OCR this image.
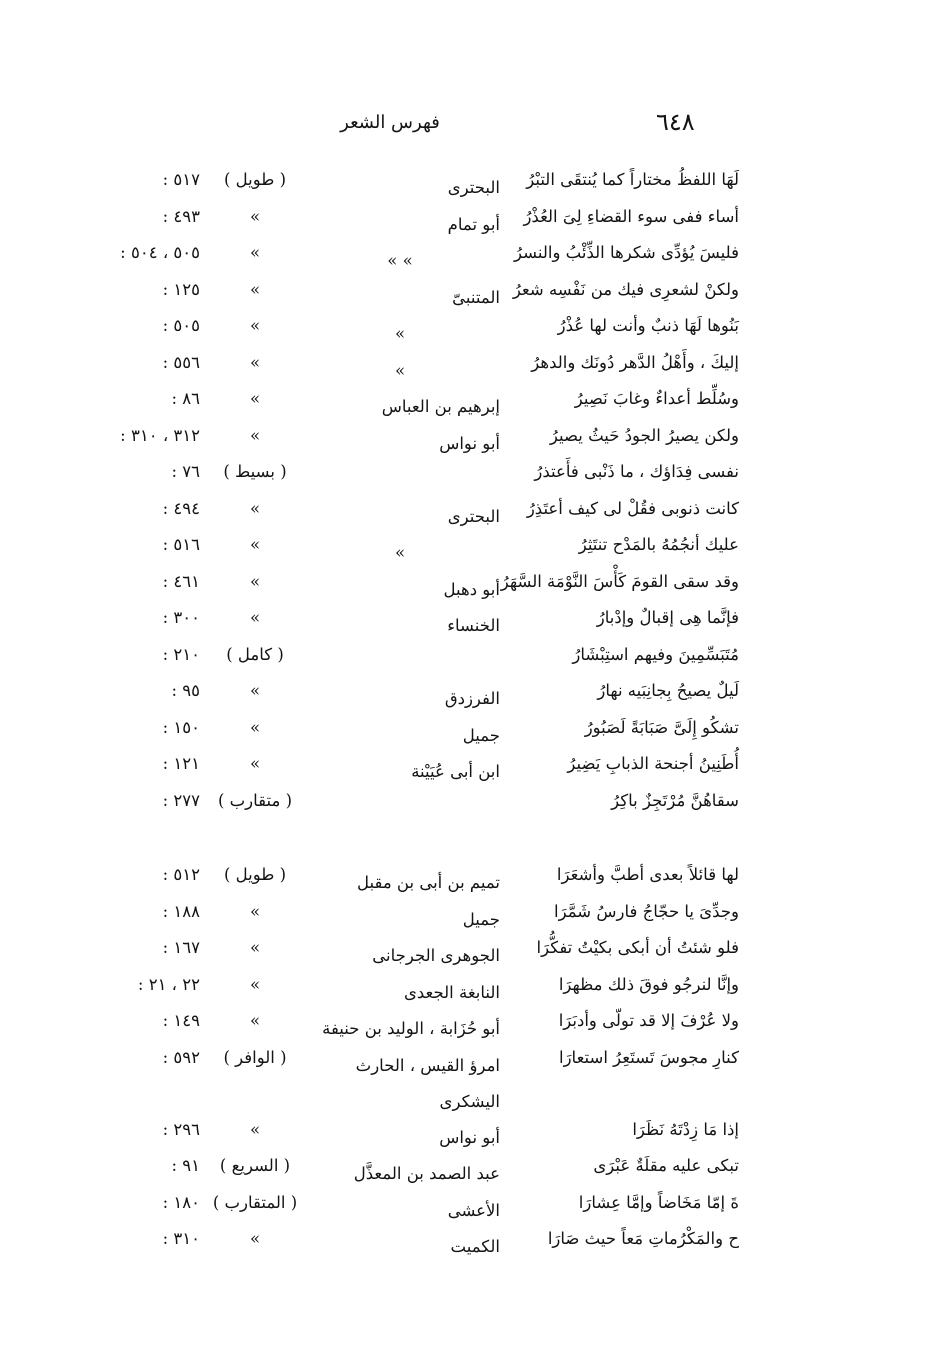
٦٤٨
فهرس الشعر
لَهَا اللفظُ مختاراً كما يُنتقَى التبْرُ
البحترى
( طويل )
٥١٧ :
أساء ففى سوء القضاءِ لِىَ العُذْرُ
أبو تمام
»
٤٩٣ :
فليسَ يُؤدِّى شكرها الذِّئْبُ والنسرُ
» »
»
٥٠٥ ، ٥٠٤ :
ولكنْ لشعرِى فيك من نَفْسِه شعرُ
المتنبىّ
»
١٢٥ :
بَنُوها لَهَا ذنبٌ وأنت لها عُذْرُ
»
»
٥٠٥ :
إليكَ ، وأَهْلُ الدَّهر دُونَك والدهرُ
»
»
٥٥٦ :
وسُلِّط أعداءٌ وغابَ نَصِيرُ
إبرهيم بن العباس
»
٨٦ :
ولكن يصيرُ الجودُ حَيثُ يصيرُ
أبو نواس
»
٣١٢ ، ٣١٠ :
نفسى فِدَاؤك ، ما ذَنْبى فأَعتذرُ
( بسيط )
٧٦ :
كانت ذنوبى فقُلْ لى كيف أعتَذِرُ
البحترى
»
٤٩٤ :
عليك أنجُمُهُ بالمَدْح تنتَثِرُ
»
»
٥١٦ :
وقد سقى القومَ كَأْسَ النَّوْمَة السَّهَرُ
أبو دهبل
»
٤٦١ :
فإنَّما هِى إقبالٌ وإدْبارُ
الخنساء
»
٣٠٠ :
مُتَبَسِّمِينَ وفيهم استِبْشَارُ
( كامل )
٢١٠ :
لَيلٌ يصيحُ بِجانِبَيه نهارُ
الفرزدق
»
٩٥ :
تشكُو إِلَىَّ صَبَابَةً لَصَبُورُ
جميل
»
١٥٠ :
أُطَنِينُ أجنحة الذبابِ يَضِيرُ
ابن أبى عُيَيْنة
»
١٢١ :
سقاهُنَّ مُرْتَجِزٌ باكِرُ
( متقارب )
٢٧٧ :
لها قائلاً بعدى أطبَّ وأشعَرَا
تميم بن أبى بن مقبل
( طويل )
٥١٢ :
وجدِّىَ يا حجّاجُ فارسُ شَمَّرَا
جميل
»
١٨٨ :
فلو شئتُ أن أبكى بكيْتُ تفكُّرَا
الجوهرى الجرجانى
»
١٦٧ :
وإنَّا لنرجُو فوقَ ذلك مظهرَا
النابغة الجعدى
»
٢٢ ، ٢١ :
ولا عُرْفَ إلا قد تولّى وأدبَرَا
أبو حُزَابة ، الوليد بن حنيفة
»
١٤٩ :
كنارِ مجوسَ تَستَعِرُ استعارَا
امرؤ القيس ، الحارث اليشكرى
( الوافر )
٥٩٢ :
إذا مَا زِدْتَهُ نَظَرَا
أبو نواس
»
٢٩٦ :
تبكى عليه مقلَةٌ عَبْرَى
عبد الصمد بن المعذَّل
( السريع )
٩١ :
ةَ إمّا مَخَاضاً وإمَّا عِشارَا
الأعشى
( المتقارب )
١٨٠ :
ح والمَكْرُماتِ مَعاً حيث صَارَا
الكميت
»
٣١٠ :
